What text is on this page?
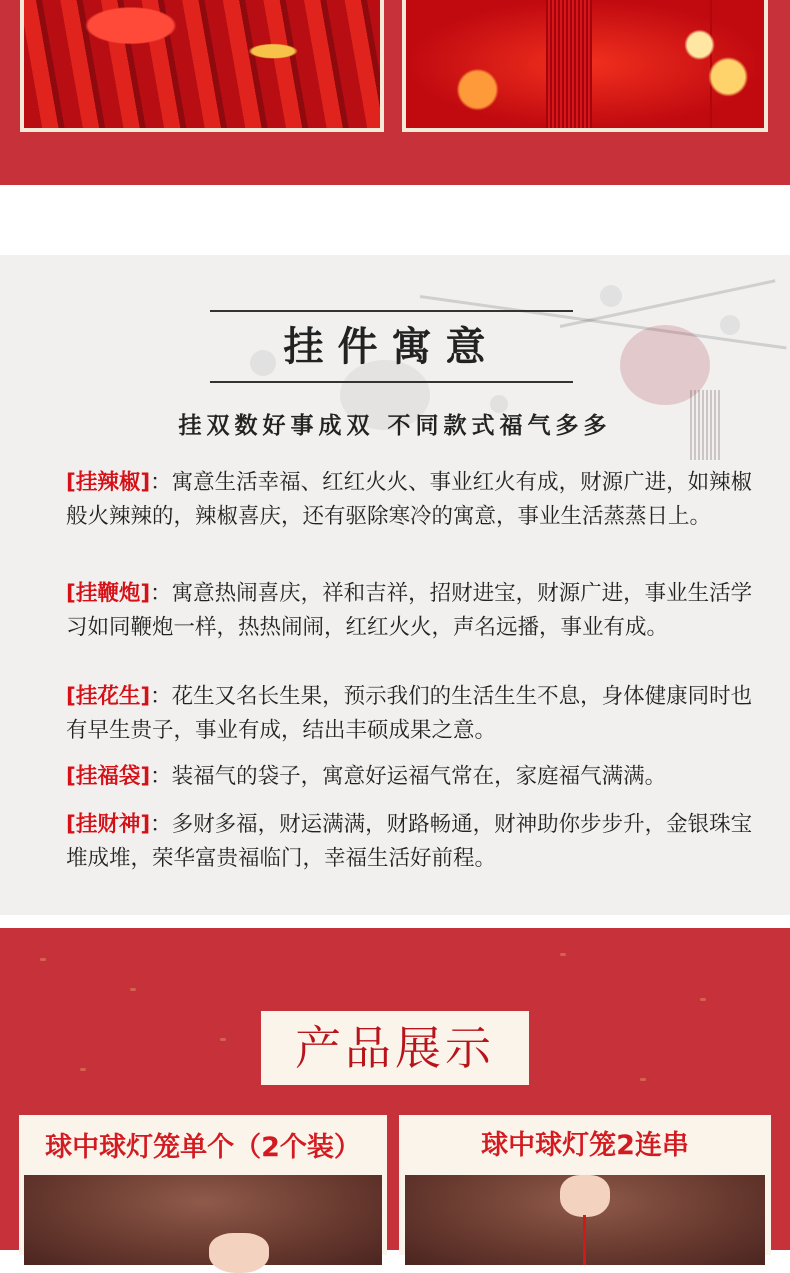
挂件寓意
挂双数好事成双 不同款式福气多多
[挂辣椒]：寓意生活幸福、红红火火、事业红火有成，财源广进，如辣椒般火辣辣的，辣椒喜庆，还有驱除寒冷的寓意，事业生活蒸蒸日上。
[挂鞭炮]：寓意热闹喜庆，祥和吉祥，招财进宝，财源广进，事业生活学习如同鞭炮一样，热热闹闹，红红火火，声名远播，事业有成。
[挂花生]：花生又名长生果，预示我们的生活生生不息，身体健康同时也有早生贵子，事业有成，结出丰硕成果之意。
[挂福袋]：装福气的袋子，寓意好运福气常在，家庭福气满满。
[挂财神]：多财多福，财运满满，财路畅通，财神助你步步升，金银珠宝堆成堆，荣华富贵福临门，幸福生活好前程。
产品展示
球中球灯笼单个（2个装）	球中球灯笼2连串
